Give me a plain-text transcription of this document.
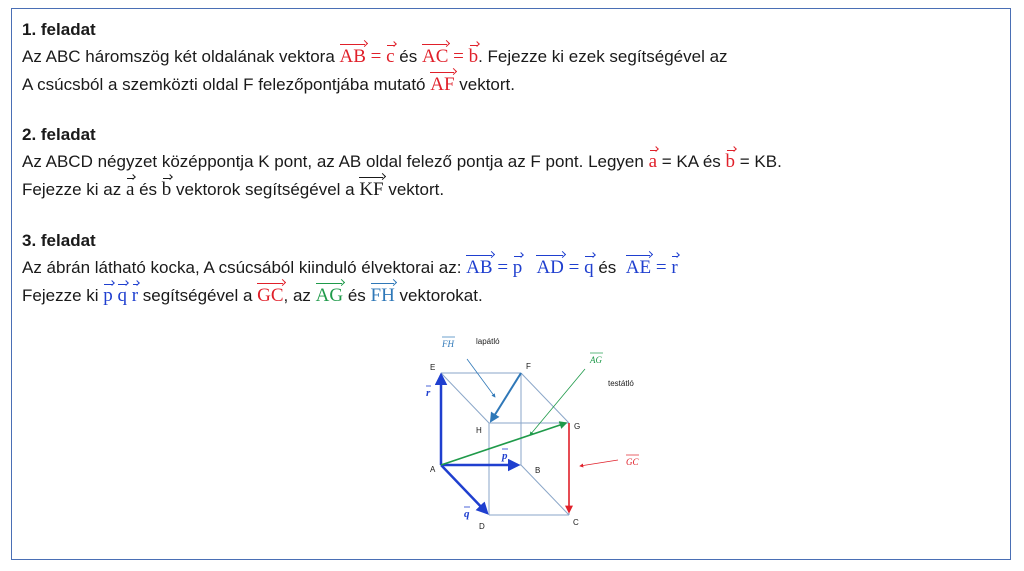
1. feladat
Az ABC háromszög két oldalának vektora AB = c és AC = b. Fejezze ki ezek segítségével az
A csúcsból a szemközti oldal F felezőpontjába mutató AF vektort.
2. feladat
Az ABCD négyzet középpontja K pont, az AB oldal felező pontja az F pont. Legyen a = KA és b = KB.
Fejezze ki az a és b vektorok segítségével a KF vektort.
3. feladat
Az ábrán látható kocka, A csúcsából kiinduló élvektorai az: AB = p AD = q és  AE = r
Fejezze ki p q r segítségével a GC, az AG és FH vektorokat.
A	B
C
D
E	F
G
H
r
p
q
FH	lapátló
AG
testátló
GC
